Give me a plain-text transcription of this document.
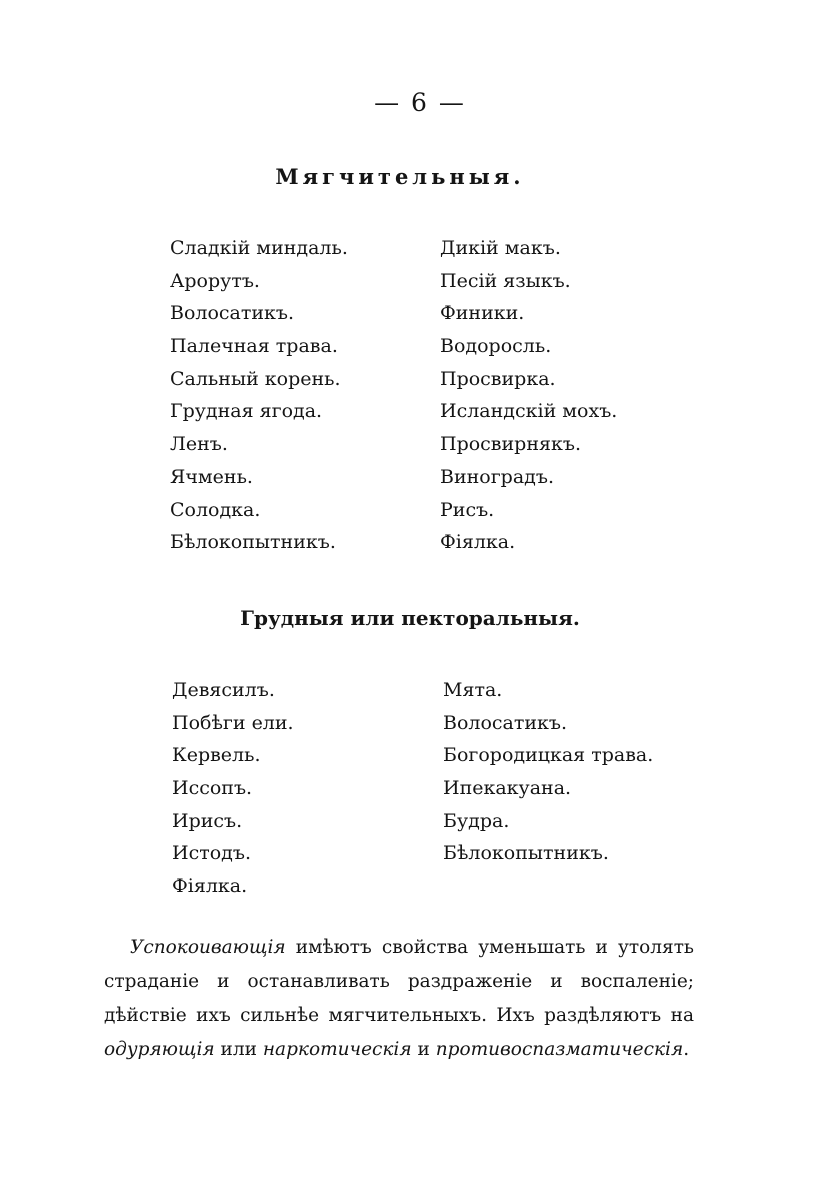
— 6 —
Мягчительныя.
Сладкій миндаль.
Арорутъ.
Волосатикъ.
Палечная трава.
Сальный корень.
Грудная ягода.
Ленъ.
Ячмень.
Солодка.
Бѣлокопытникъ.
Дикій макъ.
Песій языкъ.
Финики.
Водоросль.
Просвирка.
Исландскій мохъ.
Просвирнякъ.
Виноградъ.
Рисъ.
Фіялка.
Грудныя или пекторальныя.
Девясилъ.
Побѣги ели.
Кервель.
Иссопъ.
Ирисъ.
Истодъ.
Фіялка.
Мята.
Волосатикъ.
Богородицкая трава.
Ипекакуана.
Будра.
Бѣлокопытникъ.

Успокоивающія имѣютъ свойства уменьшать и утолять страданіе и останавливать раздраженіе и воспаленіе; дѣйствіе ихъ сильнѣе мягчительныхъ. Ихъ раздѣляютъ на одуряющія или наркотическія и противоспазматическія.
